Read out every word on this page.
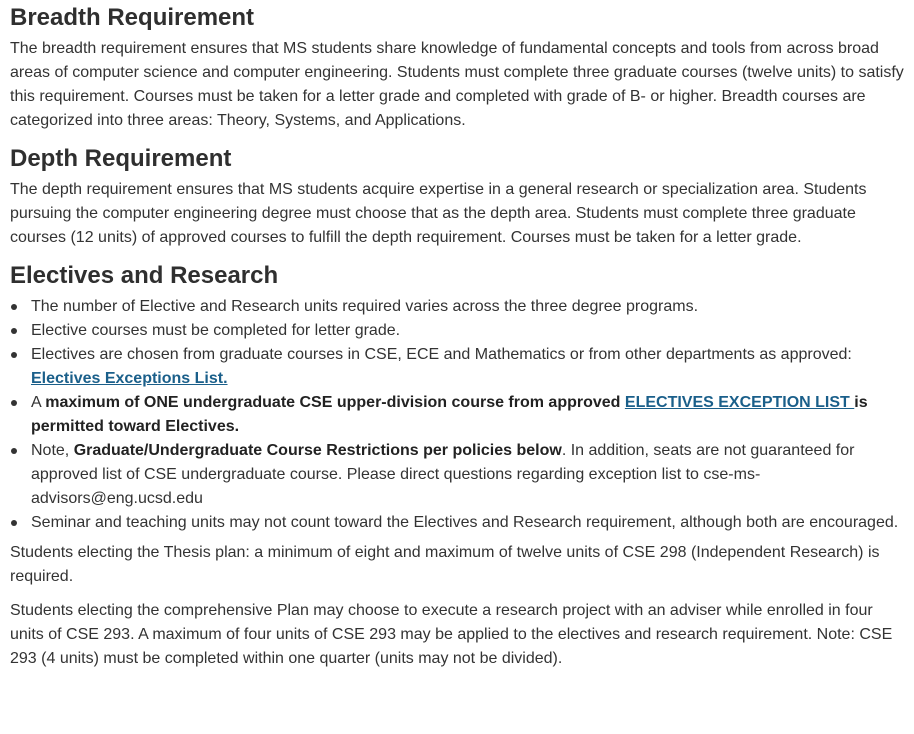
Breadth Requirement

The breadth requirement ensures that MS students share knowledge of fundamental concepts and tools from across broad areas of computer science and computer engineering. Students must complete three graduate courses (twelve units) to satisfy this requirement. Courses must be taken for a letter grade and completed with grade of B- or higher. Breadth courses are categorized into three areas: Theory, Systems, and Applications.

Depth Requirement

The depth requirement ensures that MS students acquire expertise in a general research or specialization area. Students pursuing the computer engineering degree must choose that as the depth area. Students must complete three graduate courses (12 units) of approved courses to fulfill the depth requirement. Courses must be taken for a letter grade.

Electives and Research
The number of Elective and Research units required varies across the three degree programs.
Elective courses must be completed for letter grade.
Electives are chosen from graduate courses in CSE, ECE and Mathematics or from other departments as approved: Electives Exceptions List.
A maximum of ONE undergraduate CSE upper-division course from approved ELECTIVES EXCEPTION LIST is permitted toward Electives.
Note, Graduate/Undergraduate Course Restrictions per policies below. In addition, seats are not guaranteed for approved list of CSE undergraduate course. Please direct questions regarding exception list to cse-ms-advisors@eng.ucsd.edu
Seminar and teaching units may not count toward the Electives and Research requirement, although both are encouraged.

Students electing the Thesis plan: a minimum of eight and maximum of twelve units of CSE 298 (Independent Research) is required.

Students electing the comprehensive Plan may choose to execute a research project with an adviser while enrolled in four units of CSE 293. A maximum of four units of CSE 293 may be applied to the electives and research requirement. Note: CSE 293 (4 units) must be completed within one quarter (units may not be divided).
